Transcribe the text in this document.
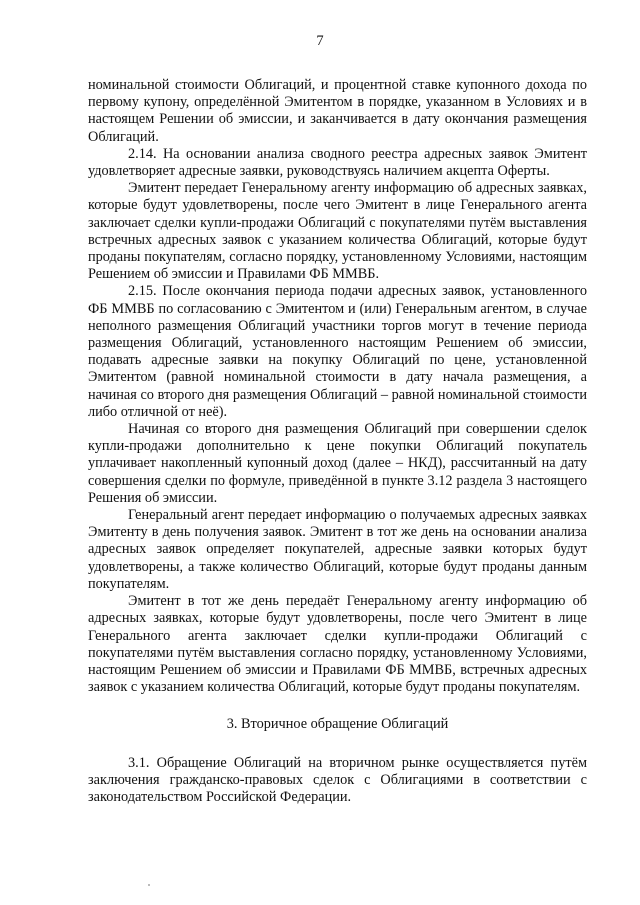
7

номинальной стоимости Облигаций, и процентной ставке купонного дохода по первому купону, определённой Эмитентом в порядке, указанном в Условиях и в настоящем Решении об эмиссии, и заканчивается в дату окончания размещения Облигаций.

2.14. На основании анализа сводного реестра адресных заявок Эмитент удовлетворяет адресные заявки, руководствуясь наличием акцепта Оферты.

Эмитент передает Генеральному агенту информацию об адресных заявках, которые будут удовлетворены, после чего Эмитент в лице Генерального агента заключает сделки купли-продажи Облигаций с покупателями путём выставления встречных адресных заявок с указанием количества Облигаций, которые будут проданы покупателям, согласно порядку, установленному Условиями, настоящим Решением об эмиссии и Правилами ФБ ММВБ.

2.15. После окончания периода подачи адресных заявок, установленного ФБ ММВБ по согласованию с Эмитентом и (или) Генеральным агентом, в случае неполного размещения Облигаций участники торгов могут в течение периода размещения Облигаций, установленного настоящим Решением об эмиссии, подавать адресные заявки на покупку Облигаций по цене, установленной Эмитентом (равной номинальной стоимости в дату начала размещения, а начиная со второго дня размещения Облигаций – равной номинальной стоимости либо отличной от неё).

Начиная со второго дня размещения Облигаций при совершении сделок купли-продажи дополнительно к цене покупки Облигаций покупатель уплачивает накопленный купонный доход (далее – НКД), рассчитанный на дату совершения сделки по формуле, приведённой в пункте 3.12 раздела 3 настоящего Решения об эмиссии.

Генеральный агент передает информацию о получаемых адресных заявках Эмитенту в день получения заявок. Эмитент в тот же день на основании анализа адресных заявок определяет покупателей, адресные заявки которых будут удовлетворены, а также количество Облигаций, которые будут проданы данным покупателям.

Эмитент в тот же день передаёт Генеральному агенту информацию об адресных заявках, которые будут удовлетворены, после чего Эмитент в лице Генерального агента заключает сделки купли-продажи Облигаций с покупателями путём выставления согласно порядку, установленному Условиями, настоящим Решением об эмиссии и Правилами ФБ ММВБ, встречных адресных заявок с указанием количества Облигаций, которые будут проданы покупателям.

3. Вторичное обращение Облигаций

3.1. Обращение Облигаций на вторичном рынке осуществляется путём заключения гражданско-правовых сделок с Облигациями в соответствии с законодательством Российской Федерации.
